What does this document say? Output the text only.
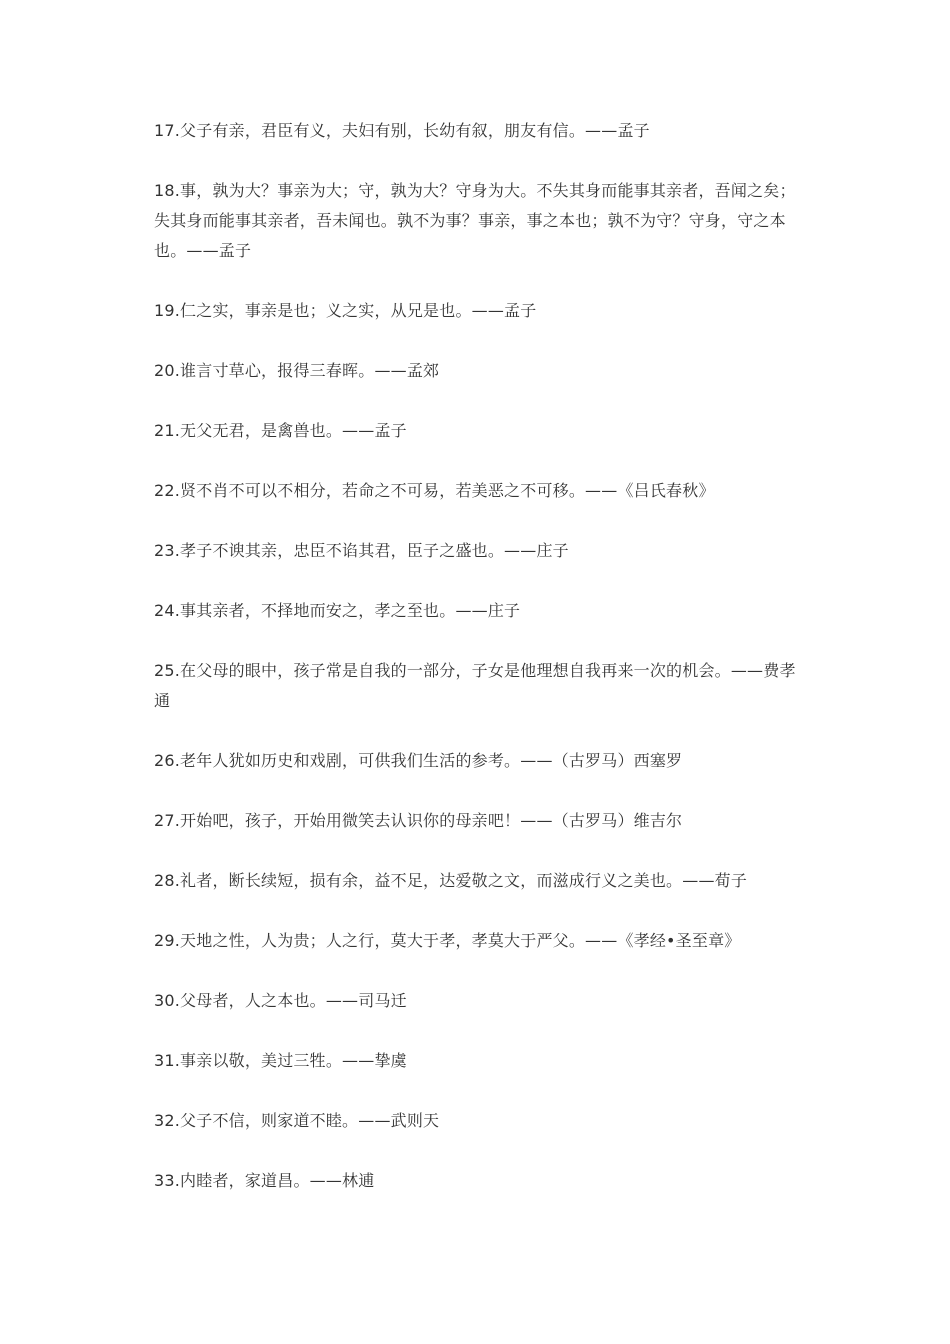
17.父子有亲，君臣有义，夫妇有别，长幼有叙，朋友有信。——孟子

18.事，孰为大？事亲为大；守，孰为大？守身为大。不失其身而能事其亲者，吾闻之矣；失其身而能事其亲者，吾未闻也。孰不为事？事亲，事之本也；孰不为守？守身，守之本也。——孟子

19.仁之实，事亲是也；义之实，从兄是也。——孟子

20.谁言寸草心，报得三春晖。——孟郊

21.无父无君，是禽兽也。——孟子

22.贤不肖不可以不相分，若命之不可易，若美恶之不可移。——《吕氏春秋》

23.孝子不谀其亲，忠臣不谄其君，臣子之盛也。——庄子

24.事其亲者，不择地而安之，孝之至也。——庄子

25.在父母的眼中，孩子常是自我的一部分，子女是他理想自我再来一次的机会。——费孝通

26.老年人犹如历史和戏剧，可供我们生活的参考。——（古罗马）西塞罗

27.开始吧，孩子，开始用微笑去认识你的母亲吧！——（古罗马）维吉尔

28.礼者，断长续短，损有余，益不足，达爱敬之文，而滋成行义之美也。——荀子

29.天地之性，人为贵；人之行，莫大于孝，孝莫大于严父。——《孝经•圣至章》

30.父母者，人之本也。——司马迁

31.事亲以敬，美过三牲。——挚虞

32.父子不信，则家道不睦。——武则天

33.内睦者，家道昌。——林逋
